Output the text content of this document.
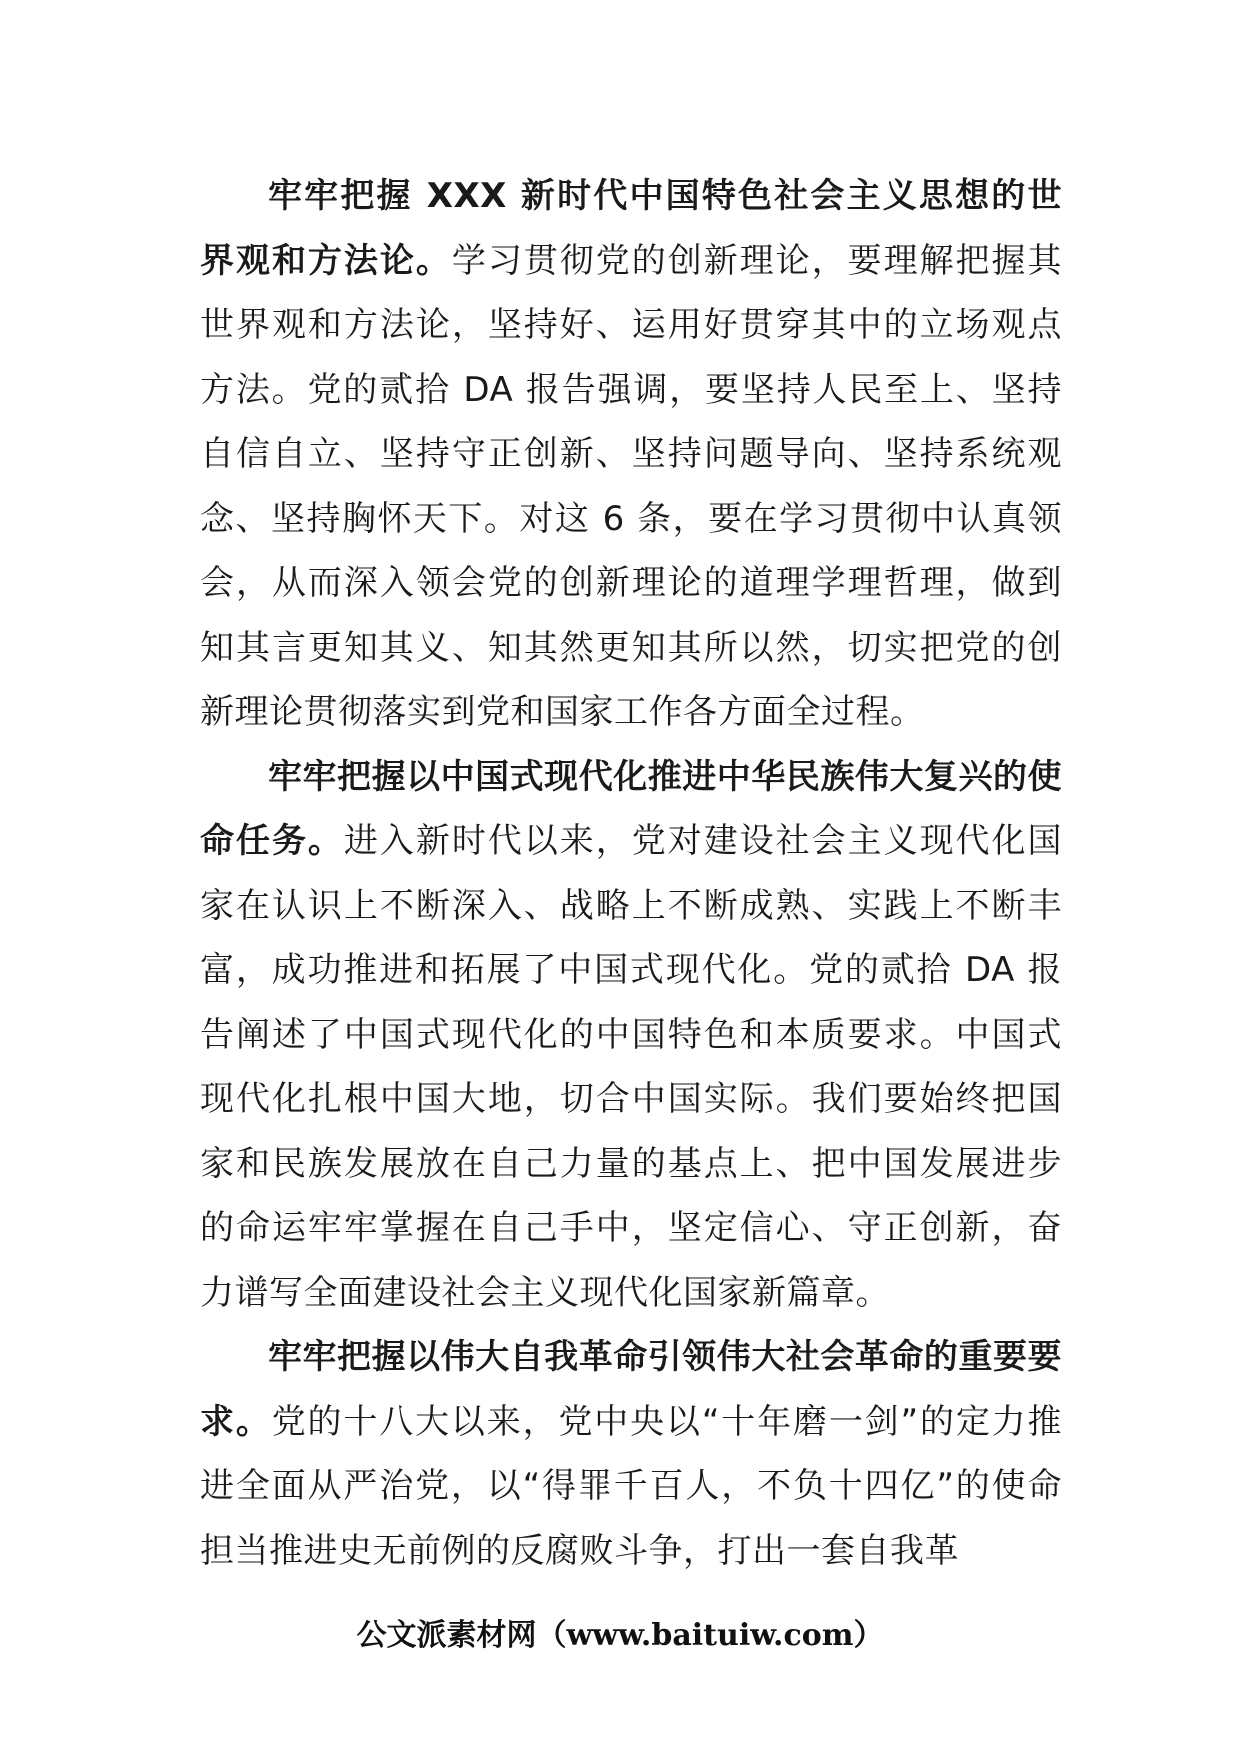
牢牢把握 XXX 新时代中国特色社会主义思想的世界观和方法论。学习贯彻党的创新理论，要理解把握其世界观和方法论，坚持好、运用好贯穿其中的立场观点方法。党的贰拾 DA 报告强调，要坚持人民至上、坚持自信自立、坚持守正创新、坚持问题导向、坚持系统观念、坚持胸怀天下。对这 6 条，要在学习贯彻中认真领会，从而深入领会党的创新理论的道理学理哲理，做到知其言更知其义、知其然更知其所以然，切实把党的创新理论贯彻落实到党和国家工作各方面全过程。

牢牢把握以中国式现代化推进中华民族伟大复兴的使命任务。进入新时代以来，党对建设社会主义现代化国家在认识上不断深入、战略上不断成熟、实践上不断丰富，成功推进和拓展了中国式现代化。党的贰拾 DA 报告阐述了中国式现代化的中国特色和本质要求。中国式现代化扎根中国大地，切合中国实际。我们要始终把国家和民族发展放在自己力量的基点上、把中国发展进步的命运牢牢掌握在自己手中，坚定信心、守正创新，奋力谱写全面建设社会主义现代化国家新篇章。

牢牢把握以伟大自我革命引领伟大社会革命的重要要求。党的十八大以来，党中央以“十年磨一剑”的定力推进全面从严治党，以“得罪千百人，不负十四亿”的使命担当推进史无前例的反腐败斗争，打出一套自我革

公文派素材网（www.baituiw.com）
